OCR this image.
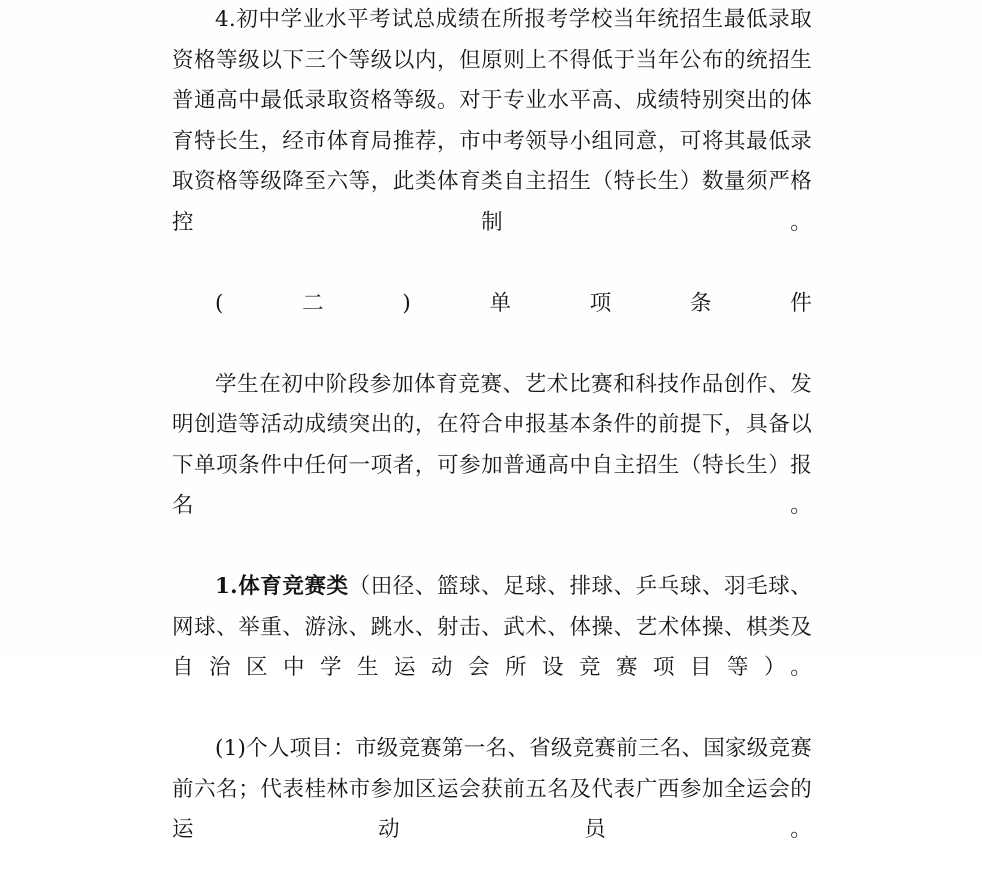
4.初中学业水平考试总成绩在所报考学校当年统招生最低录取资格等级以下三个等级以内，但原则上不得低于当年公布的统招生普通高中最低录取资格等级。对于专业水平高、成绩特别突出的体育特长生，经市体育局推荐，市中考领导小组同意，可将其最低录取资格等级降至六等，此类体育类自主招生（特长生）数量须严格控制。

(二)单项条件

学生在初中阶段参加体育竞赛、艺术比赛和科技作品创作、发明创造等活动成绩突出的，在符合申报基本条件的前提下，具备以下单项条件中任何一项者，可参加普通高中自主招生（特长生）报名。

1.体育竞赛类（田径、篮球、足球、排球、乒乓球、羽毛球、网球、举重、游泳、跳水、射击、武术、体操、艺术体操、棋类及自治区中学生运动会所设竞赛项目等）。

(1)个人项目：市级竞赛第一名、省级竞赛前三名、国家级竞赛前六名；代表桂林市参加区运会获前五名及代表广西参加全运会的运动员。
